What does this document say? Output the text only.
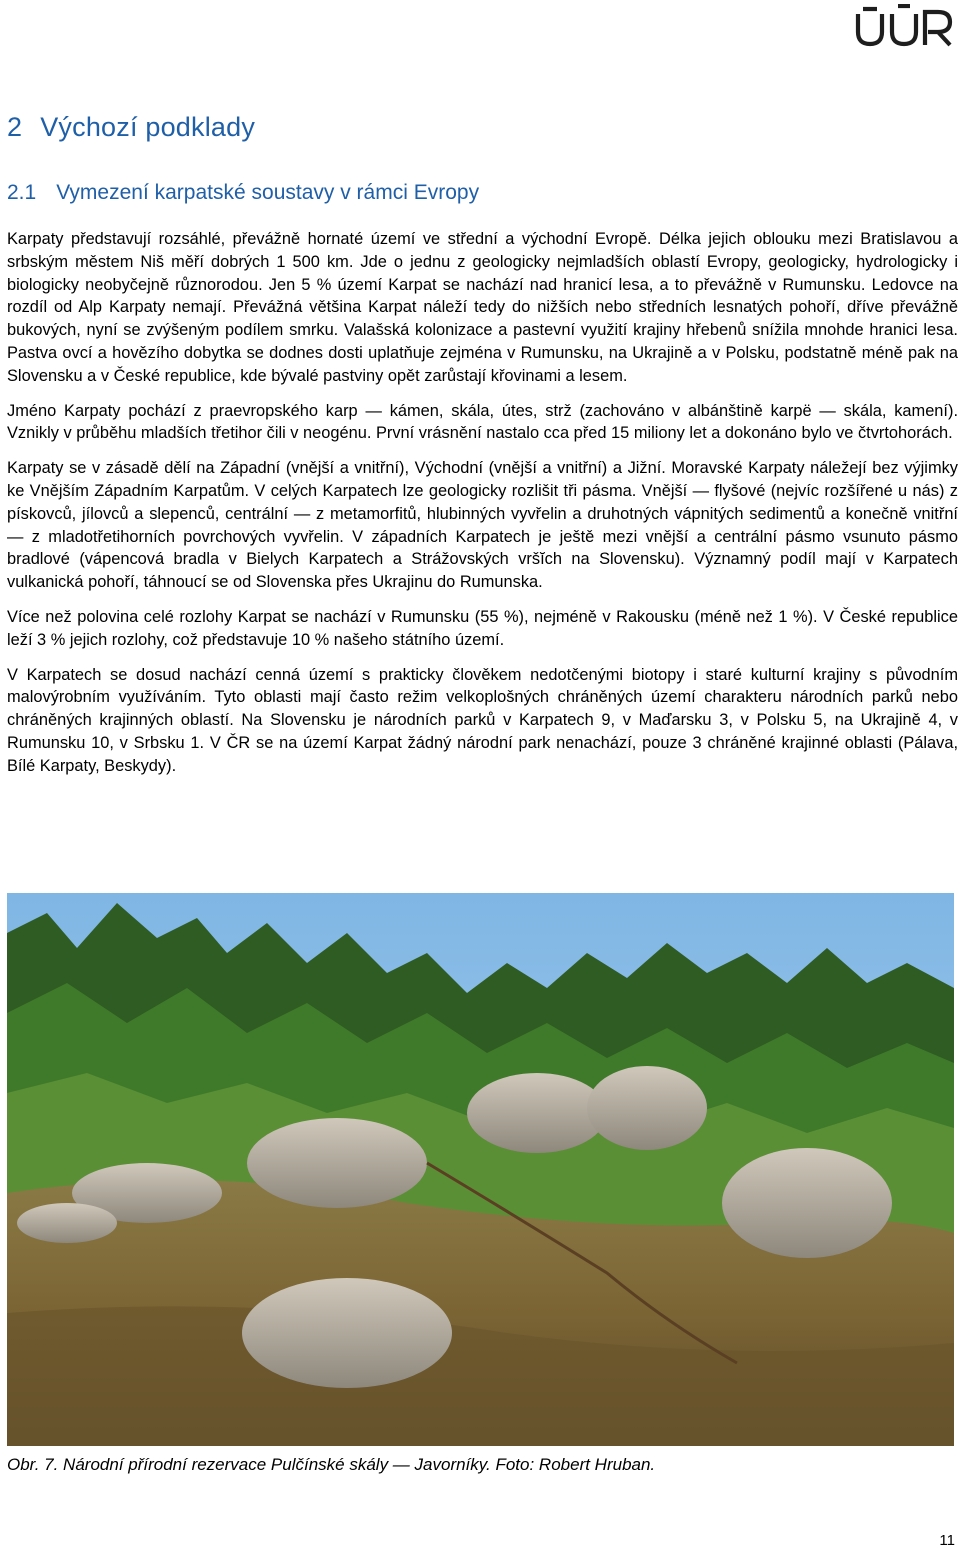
2 Výchozí podklady
2.1 Vymezení karpatské soustavy v rámci Evropy

Karpaty představují rozsáhlé, převážně hornaté území ve střední a východní Evropě. Délka jejich oblouku mezi Bratislavou a srbským městem Niš měří dobrých 1 500 km. Jde o jednu z geologicky nejmladších oblastí Evropy, geologicky, hydrologicky i biologicky neobyčejně různorodou. Jen 5 % území Karpat se nachází nad hranicí lesa, a to převážně v Rumunsku. Ledovce na rozdíl od Alp Karpaty nemají. Převážná většina Karpat náleží tedy do nižších nebo středních lesnatých pohoří, dříve převážně bukových, nyní se zvýšeným podílem smrku. Valašská kolonizace a pastevní využití krajiny hřebenů snížila mnohde hranici lesa. Pastva ovcí a hovězího dobytka se dodnes dosti uplatňuje zejména v Rumunsku, na Ukrajině a v Polsku, podstatně méně pak na Slovensku a v České republice, kde bývalé pastviny opět zarůstají křovinami a lesem.

Jméno Karpaty pochází z praevropského karp — kámen, skála, útes, strž (zachováno v albánštině karpë — skála, kamení). Vznikly v průběhu mladších třetihor čili v neogénu. První vrásnění nastalo cca před 15 miliony let a dokonáno bylo ve čtvrtohorách.

Karpaty se v zásadě dělí na Západní (vnější a vnitřní), Východní (vnější a vnitřní) a Jižní. Moravské Karpaty náležejí bez výjimky ke Vnějším Západním Karpatům. V celých Karpatech lze geologicky rozlišit tři pásma. Vnější — flyšové (nejvíc rozšířené u nás) z pískovců, jílovců a slepenců, centrální — z metamorfitů, hlubinných vyvřelin a druhotných vápnitých sedimentů a konečně vnitřní — z mladotřetihorních povrchových vyvřelin. V západních Karpatech je ještě mezi vnější a centrální pásmo vsunuto pásmo bradlové (vápencová bradla v Bielych Karpatech a Strážovských vršĭch na Slovensku). Významný podíl mají v Karpatech vulkanická pohoří, táhnoucí se od Slovenska přes Ukrajinu do Rumunska.

Více než polovina celé rozlohy Karpat se nachází v Rumunsku (55 %), nejméně v Rakousku (méně než 1 %). V České republice leží 3 % jejich rozlohy, což představuje 10 % našeho státního území.

V Karpatech se dosud nachází cenná území s prakticky člověkem nedotčenými biotopy i staré kulturní krajiny s původním malovýrobním využíváním. Tyto oblasti mají často režim velkoplošných chráněných území charakteru národních parků nebo chráněných krajinných oblastí. Na Slovensku je národních parků v Karpatech 9, v Maďarsku 3, v Polsku 5, na Ukrajině 4, v Rumunsku 10, v Srbsku 1. V ČR se na území Karpat žádný národní park nenachází, pouze 3 chráněné krajinné oblasti (Pálava, Bílé Karpaty, Beskydy).

Obr. 7. Národní přírodní rezervace Pulčínské skály — Javorníky. Foto: Robert Hruban.
11
